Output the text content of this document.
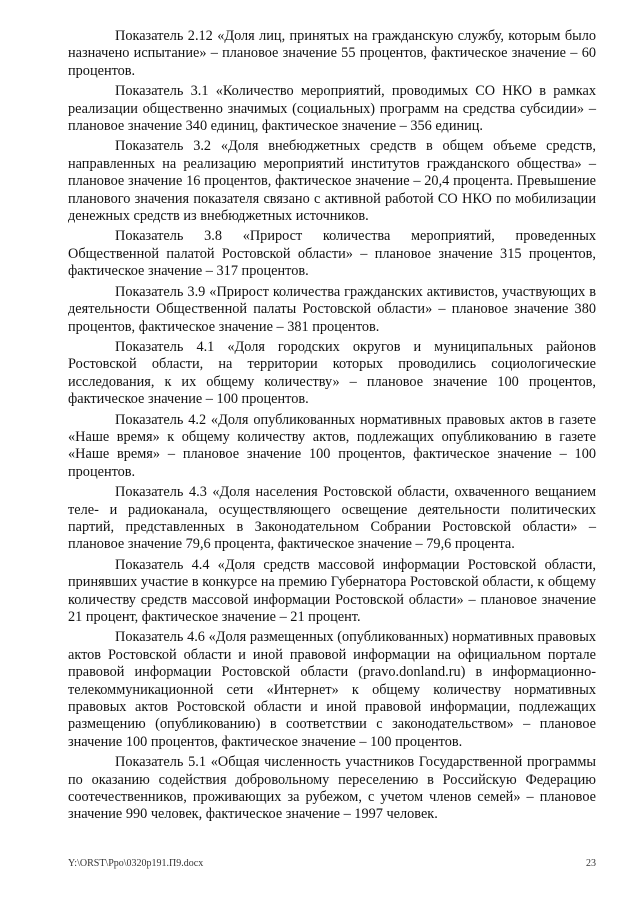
Показатель 2.12 «Доля лиц, принятых на гражданскую службу, которым было назначено испытание» – плановое значение 55 процентов, фактическое значение – 60 процентов.

Показатель 3.1 «Количество мероприятий, проводимых СО НКО в рамках реализации общественно значимых (социальных) программ на средства субсидии» – плановое значение 340 единиц, фактическое значение – 356 единиц.

Показатель 3.2 «Доля внебюджетных средств в общем объеме средств, направленных на реализацию мероприятий институтов гражданского общества» – плановое значение 16 процентов, фактическое значение – 20,4 процента. Превышение планового значения показателя связано с активной работой СО НКО по мобилизации денежных средств из внебюджетных источников.

Показатель 3.8 «Прирост количества мероприятий, проведенных Общественной палатой Ростовской области» – плановое значение 315 процентов, фактическое значение – 317 процентов.

Показатель 3.9 «Прирост количества гражданских активистов, участвующих в деятельности Общественной палаты Ростовской области» – плановое значение 380 процентов, фактическое значение – 381 процентов.

Показатель 4.1 «Доля городских округов и муниципальных районов Ростовской области, на территории которых проводились социологические исследования, к их общему количеству» – плановое значение 100 процентов, фактическое значение – 100 процентов.

Показатель 4.2 «Доля опубликованных нормативных правовых актов в газете «Наше время» к общему количеству актов, подлежащих опубликованию в газете «Наше время» – плановое значение 100 процентов, фактическое значение – 100 процентов.

Показатель 4.3 «Доля населения Ростовской области, охваченного вещанием теле- и радиоканала, осуществляющего освещение деятельности политических партий, представленных в Законодательном Собрании Ростовской области» – плановое значение 79,6 процента, фактическое значение – 79,6 процента.

Показатель 4.4 «Доля средств массовой информации Ростовской области, принявших участие в конкурсе на премию Губернатора Ростовской области, к общему количеству средств массовой информации Ростовской области» – плановое значение 21 процент, фактическое значение – 21 процент.

Показатель 4.6 «Доля размещенных (опубликованных) нормативных правовых актов Ростовской области и иной правовой информации на официальном портале правовой информации Ростовской области (pravo.donland.ru) в информационно-телекоммуникационной сети «Интернет» к общему количеству нормативных правовых актов Ростовской области и иной правовой информации, подлежащих размещению (опубликованию) в соответствии с законодательством» – плановое значение 100 процентов, фактическое значение – 100 процентов.

Показатель 5.1 «Общая численность участников Государственной программы по оказанию содействия добровольному переселению в Российскую Федерацию соотечественников, проживающих за рубежом, с учетом членов семей» – плановое значение 990 человек, фактическое значение – 1997 человек.

Y:\ORST\Ppo\0320p191.П9.docx	23
